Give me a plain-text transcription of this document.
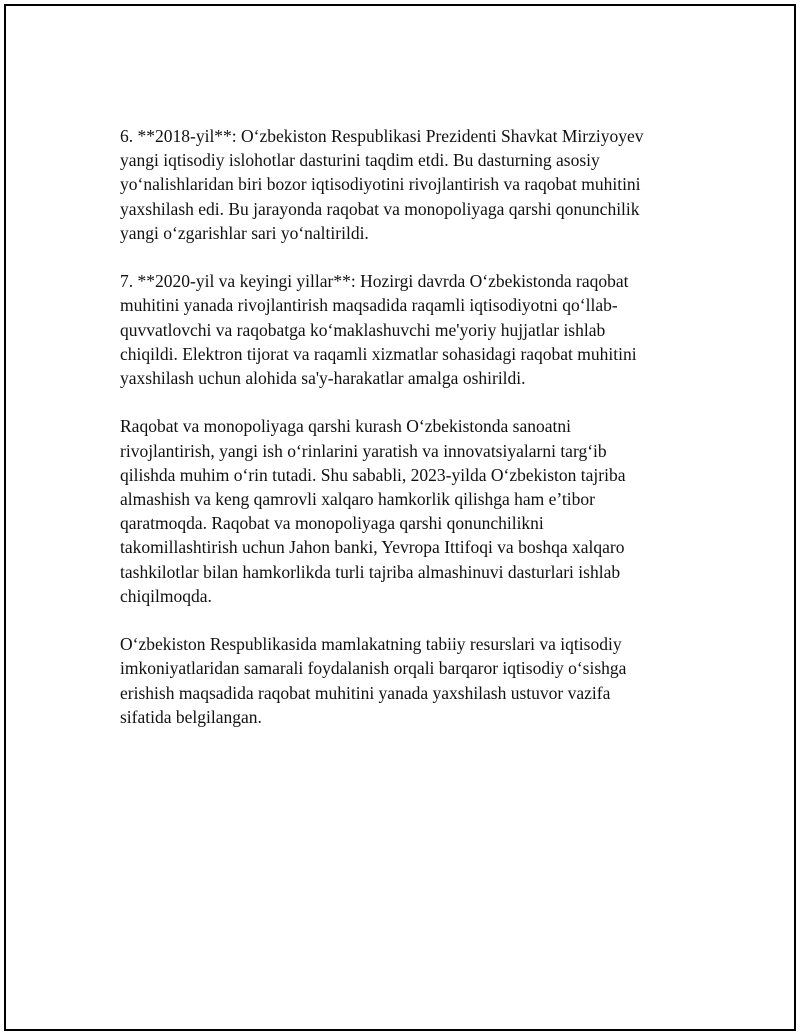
6. **2018-yil**: O‘zbekiston Respublikasi Prezidenti Shavkat Mirziyoyev
yangi iqtisodiy islohotlar dasturini taqdim etdi. Bu dasturning asosiy
yo‘nalishlaridan biri bozor iqtisodiyotini rivojlantirish va raqobat muhitini
yaxshilash edi. Bu jarayonda raqobat va monopoliyaga qarshi qonunchilik
yangi o‘zgarishlar sari yo‘naltirildi.

7. **2020-yil va keyingi yillar**: Hozirgi davrda O‘zbekistonda raqobat
muhitini yanada rivojlantirish maqsadida raqamli iqtisodiyotni qo‘llab-
quvvatlovchi va raqobatga ko‘maklashuvchi me'yoriy hujjatlar ishlab
chiqildi. Elektron tijorat va raqamli xizmatlar sohasidagi raqobat muhitini
yaxshilash uchun alohida sa'y-harakatlar amalga oshirildi.

Raqobat va monopoliyaga qarshi kurash O‘zbekistonda sanoatni
rivojlantirish, yangi ish o‘rinlarini yaratish va innovatsiyalarni targ‘ib
qilishda muhim o‘rin tutadi. Shu sababli, 2023-yilda O‘zbekiston tajriba
almashish va keng qamrovli xalqaro hamkorlik qilishga ham e’tibor
qaratmoqda. Raqobat va monopoliyaga qarshi qonunchilikni
takomillashtirish uchun Jahon banki, Yevropa Ittifoqi va boshqa xalqaro
tashkilotlar bilan hamkorlikda turli tajriba almashinuvi dasturlari ishlab
chiqilmoqda.

O‘zbekiston Respublikasida mamlakatning tabiiy resurslari va iqtisodiy
imkoniyatlaridan samarali foydalanish orqali barqaror iqtisodiy o‘sishga
erishish maqsadida raqobat muhitini yanada yaxshilash ustuvor vazifa
sifatida belgilangan.
